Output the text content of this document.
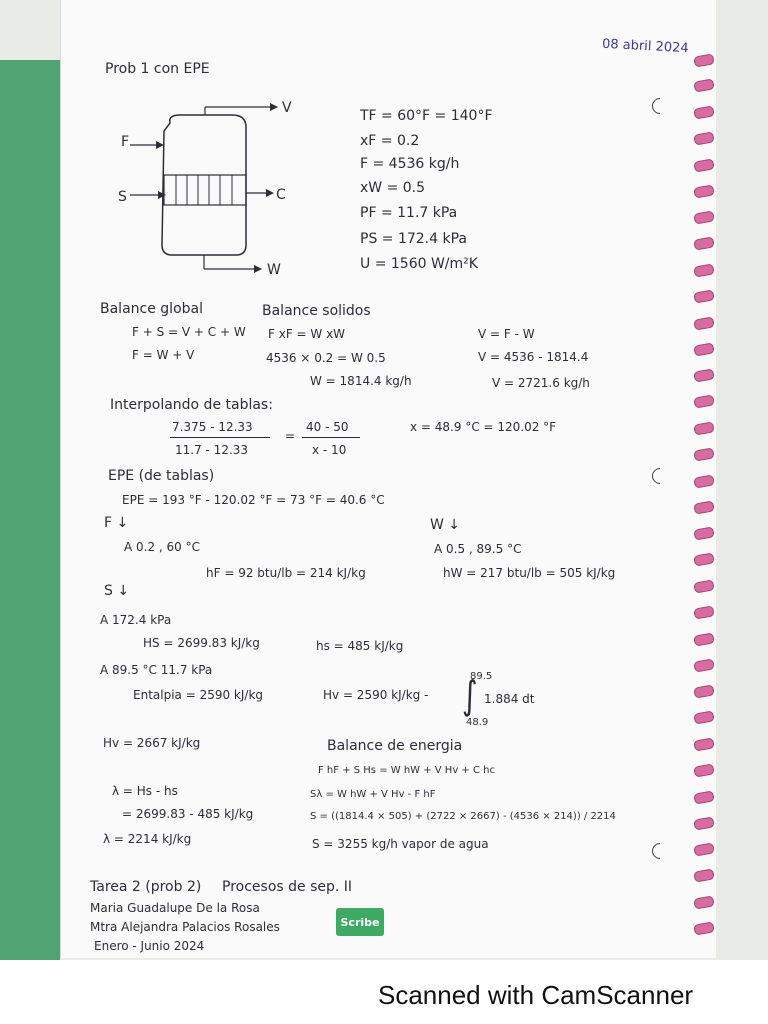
08 abril 2024
Prob 1 con EPE
V
F
S	C
W
TF = 60°F = 140°F
xF = 0.2
F = 4536 kg/h
xW = 0.5
PF = 11.7 kPa
PS = 172.4 kPa
U = 1560 W/m²K
Balance global
F + S = V + C + W
F = W + V
Balance solidos
F xF = W xW
4536 × 0.2 = W 0.5
W = 1814.4 kg/h
V = F - W
V = 4536 - 1814.4
V = 2721.6 kg/h
Interpolando de tablas:
7.375 - 12.33
11.7 - 12.33
=
40 - 50
x - 10
x = 48.9 °C = 120.02 °F
EPE (de tablas)
EPE = 193 °F - 120.02 °F = 73 °F = 40.6 °C
F ↓
A 0.2 , 60 °C
hF = 92 btu/lb = 214 kJ/kg
W ↓
A 0.5 , 89.5 °C
hW = 217 btu/lb = 505 kJ/kg
S ↓
A 172.4 kPa
HS = 2699.83 kJ/kg	hs = 485 kJ/kg
A 89.5 °C 11.7 kPa
Entalpia = 2590 kJ/kg	Hv = 2590 kJ/kg -
89.5
∫
48.9
1.884 dt
Hv = 2667 kJ/kg
λ = Hs - hs
= 2699.83 - 485 kJ/kg
λ = 2214 kJ/kg
Balance de energia
F hF + S Hs = W hW + V Hv + C hc
Sλ = W hW + V Hv - F hF
S = ((1814.4 × 505) + (2722 × 2667) - (4536 × 214)) / 2214
S = 3255 kg/h vapor de agua
Tarea 2 (prob 2) Procesos de sep. II
Maria Guadalupe De la Rosa
Mtra Alejandra Palacios Rosales
Enero - Junio 2024
Scribe
Scanned with CamScanner
